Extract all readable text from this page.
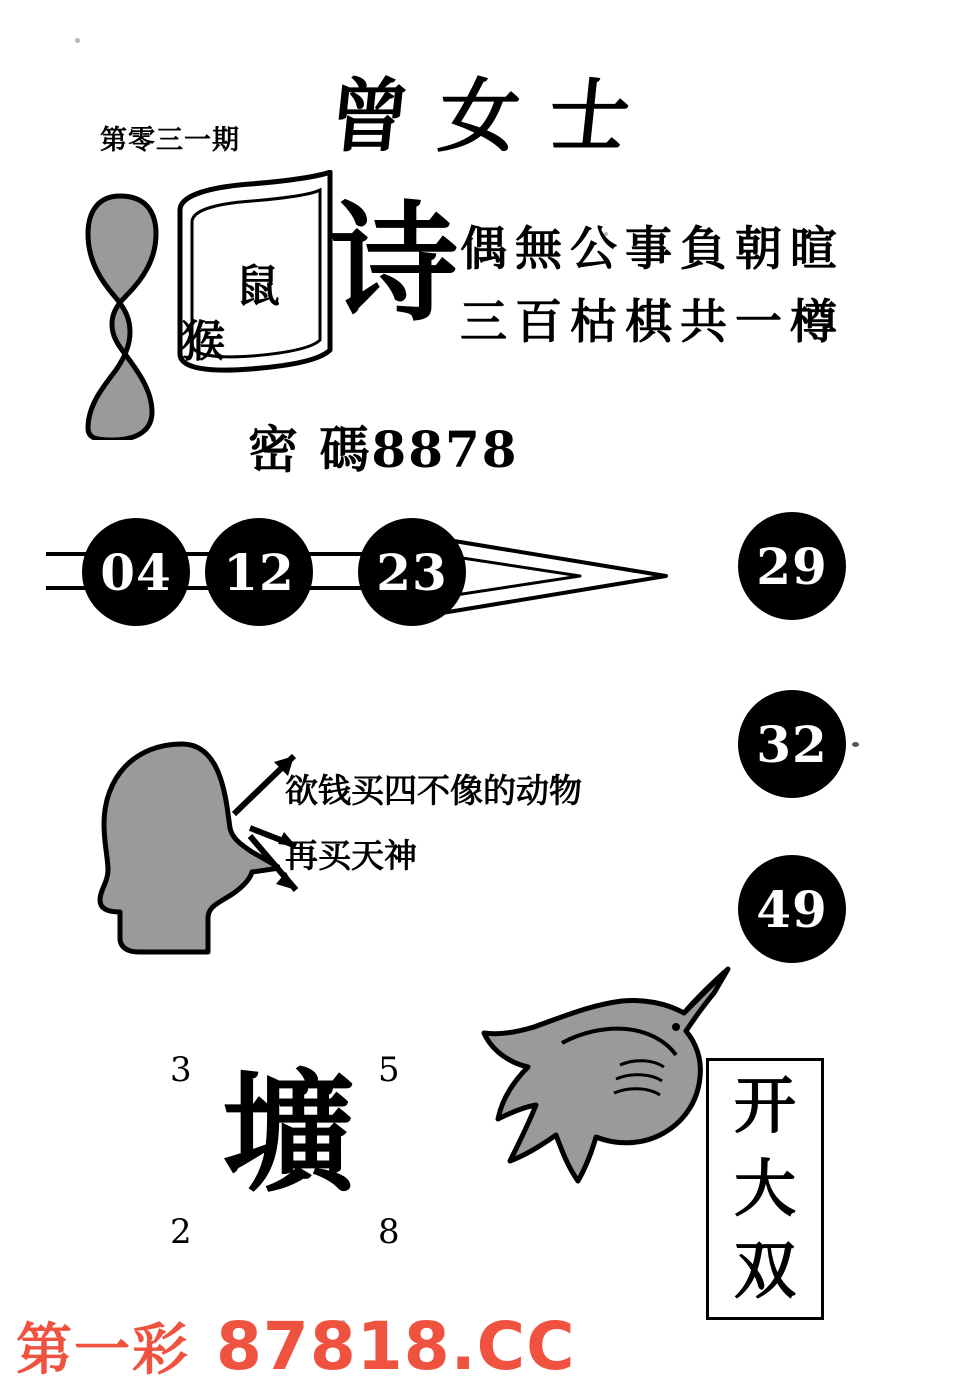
第零三一期 曾女士
鼠
猴
诗 偶無公事負朝暄
三百枯棋共一樽
密 碼8878
04	12	23	29
32
49
欲钱买四不像的动物
再买天神
3	5
2	8
壙	开
大
双
第一彩 87818.CC
